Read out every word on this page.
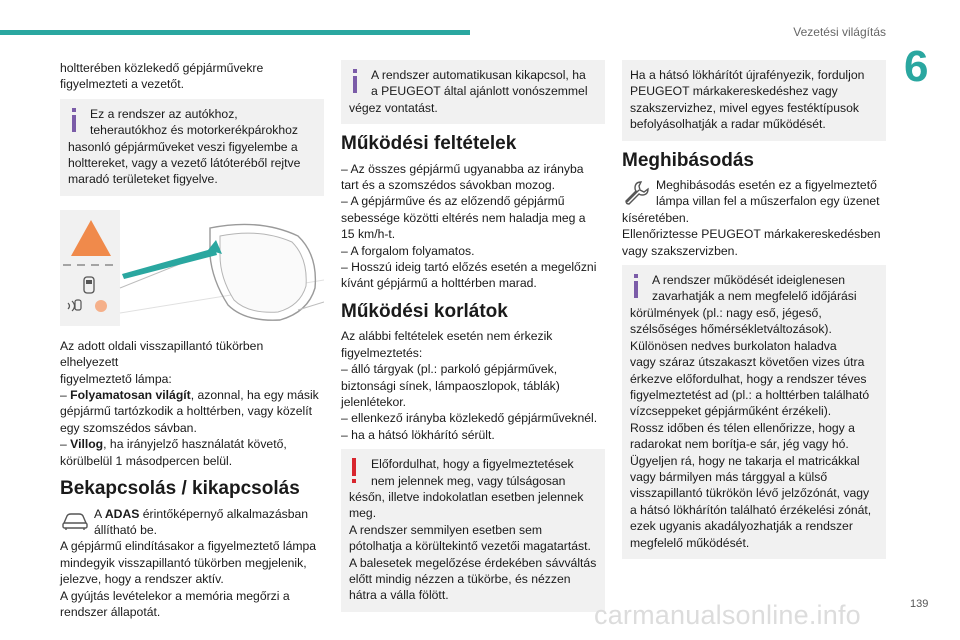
Vezetési világítás
6
holtterében közlekedő gépjárművekre
figyelmezteti a vezetőt.
Ez a rendszer az autókhoz,
teherautókhoz és motorkerékpárokhoz
hasonló gépjárműveket veszi figyelembe a
holttereket, vagy a vezető látóteréből rejtve
maradó területeket figyelve.
Az adott oldali visszapillantó tükörben elhelyezett
figyelmeztető lámpa:
– Folyamatosan világít, azonnal, ha egy másik
gépjármű tartózkodik a holttérben, vagy közelít
egy szomszédos sávban.
– Villog, ha irányjelző használatát követő,
körülbelül 1 másodpercen belül.
Bekapcsolás / kikapcsolás
A ADAS érintőképernyő alkalmazásban
állítható be.
A gépjármű elindításakor a figyelmeztető lámpa
mindegyik visszapillantó tükörben megjelenik,
jelezve, hogy a rendszer aktív.
A gyújtás levételekor a memória megőrzi a
rendszer állapotát.
A rendszer automatikusan kikapcsol, ha
a PEUGEOT által ajánlott vonószemmel
végez vontatást.
Működési feltételek
– Az összes gépjármű ugyanabba az irányba
tart és a szomszédos sávokban mozog.
– A gépjárműve és az előzendő gépjármű
sebessége közötti eltérés nem haladja meg a
15 km/h-t.
– A forgalom folyamatos.
– Hosszú ideig tartó előzés esetén a megelőzni
kívánt gépjármű a holttérben marad.
Működési korlátok
Az alábbi feltételek esetén nem érkezik
figyelmeztetés:
– álló tárgyak (pl.: parkoló gépjárművek,
biztonsági sínek, lámpaoszlopok, táblák)
jelenlétekor.
– ellenkező irányba közlekedő gépjárműveknél.
– ha a hátsó lökhárító sérült.
Előfordulhat, hogy a figyelmeztetések
nem jelennek meg, vagy túlságosan
későn, illetve indokolatlan esetben jelennek
meg.
A rendszer semmilyen esetben sem
pótolhatja a körültekintő vezetői magatartást.
A balesetek megelőzése érdekében sávváltás
előtt mindig nézzen a tükörbe, és nézzen
hátra a válla fölött.
Ha a hátsó lökhárítót újrafényezik, forduljon
PEUGEOT márkakereskedéshez vagy
szakszervizhez, mivel egyes festéktípusok
befolyásolhatják a radar működését.
Meghibásodás
Meghibásodás esetén ez a figyelmeztető
lámpa villan fel a műszerfalon egy üzenet
kíséretében.
Ellenőriztesse PEUGEOT márkakereskedésben
vagy szakszervizben.
A rendszer működését ideiglenesen
zavarhatják a nem megfelelő időjárási
körülmények (pl.: nagy eső, jégeső,
szélsőséges hőmérsékletváltozások).
Különösen nedves burkolaton haladva
vagy száraz útszakaszt követően vizes útra
érkezve előfordulhat, hogy a rendszer téves
figyelmeztetést ad (pl.: a holttérben található
vízcseppeket gépjárműként érzékeli).
Rossz időben és télen ellenőrizze, hogy a
radarokat nem borítja-e sár, jég vagy hó.
Ügyeljen rá, hogy ne takarja el matricákkal
vagy bármilyen más tárggyal a külső
visszapillantó tükrökön lévő jelzőzónát, vagy
a hátsó lökhárítón található érzékelési zónát,
ezek ugyanis akadályozhatják a rendszer
megfelelő működését.
carmanualsonline.info	139
